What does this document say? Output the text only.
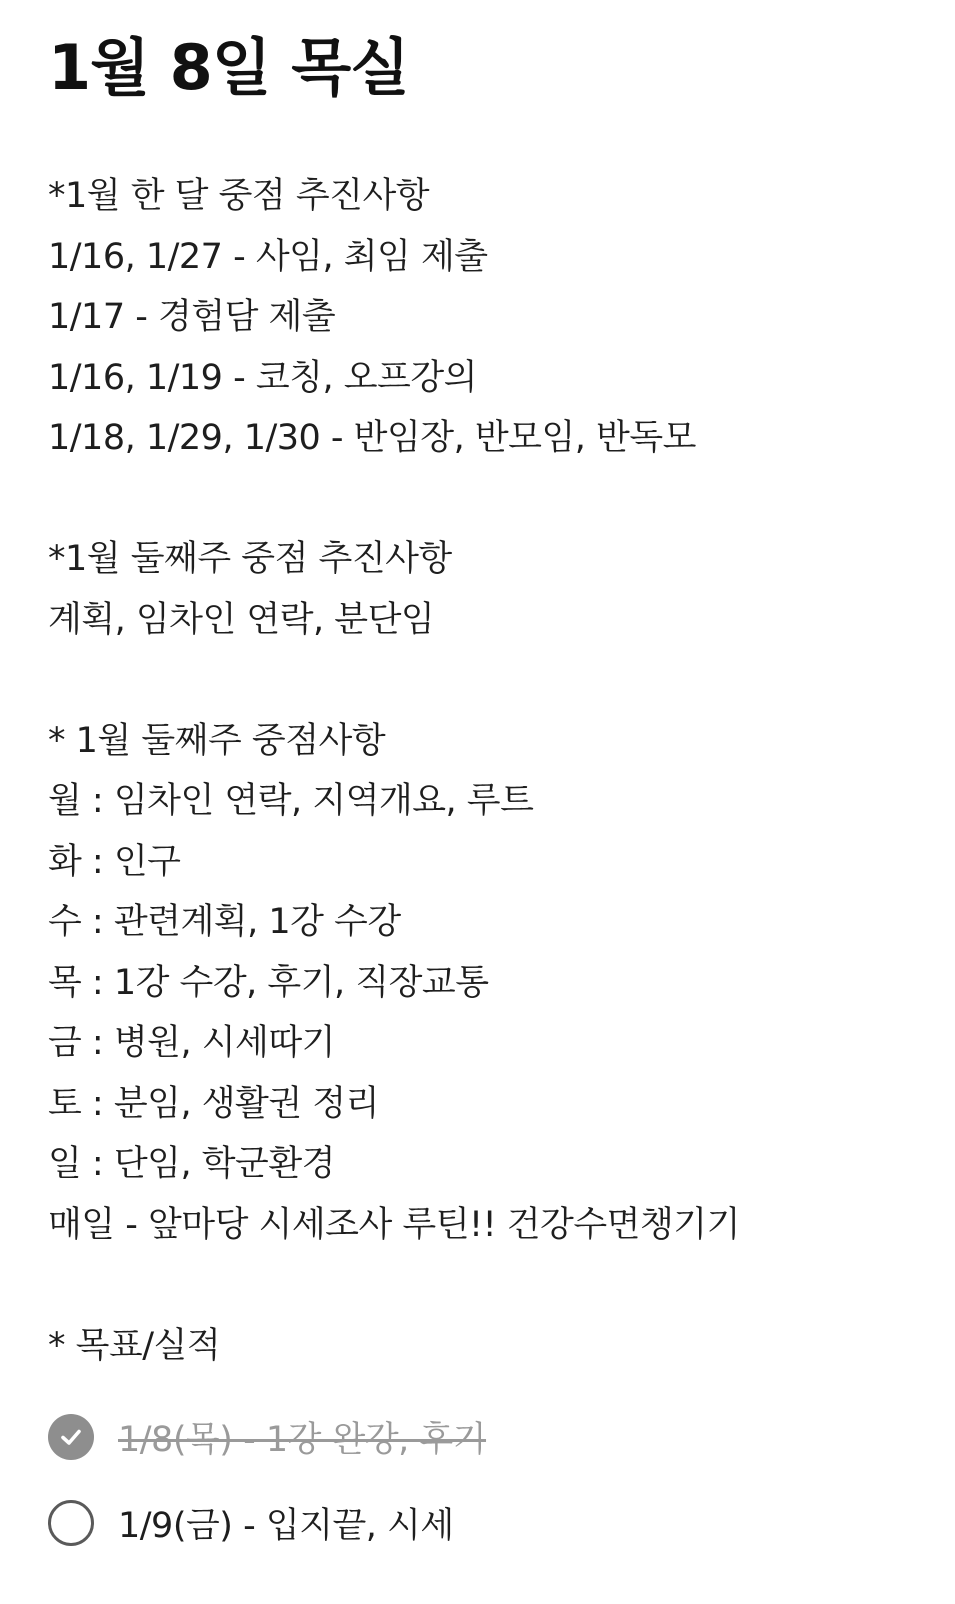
1월 8일 목실
*1월 한 달 중점 추진사항
1/16, 1/27 - 사임, 최임 제출
1/17 - 경험담 제출
1/16, 1/19 - 코칭, 오프강의
1/18, 1/29, 1/30 - 반임장, 반모임, 반독모
*1월 둘째주 중점 추진사항
계획, 임차인 연락, 분단임
* 1월 둘째주 중점사항
월 : 임차인 연락, 지역개요, 루트
화 : 인구
수 : 관련계획, 1강 수강
목 : 1강 수강, 후기, 직장교통
금 : 병원, 시세따기
토 : 분임, 생활권 정리
일 : 단임, 학군환경
매일 - 앞마당 시세조사 루틴!! 건강수면챙기기
* 목표/실적
1/8(목) - 1강 완강, 후기
1/9(금) - 입지끝, 시세
